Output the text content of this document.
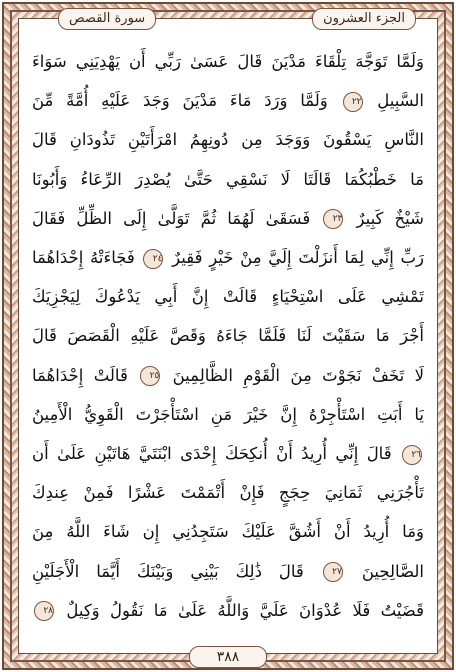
الجزء العشرون
سورة القصص
وَلَمَّا تَوَجَّهَ تِلْقَاءَ مَدْيَنَ قَالَ عَسَىٰ رَبِّي أَن يَهْدِيَنِي سَوَاءَ
السَّبِيلِ ٢٢ وَلَمَّا وَرَدَ مَاءَ مَدْيَنَ وَجَدَ عَلَيْهِ أُمَّةً مِّنَ
النَّاسِ يَسْقُونَ وَوَجَدَ مِن دُونِهِمُ امْرَأَتَيْنِ تَذُودَانِ قَالَ
مَا خَطْبُكُمَا قَالَتَا لَا نَسْقِي حَتَّىٰ يُصْدِرَ الرِّعَاءُ وَأَبُونَا
شَيْخٌ كَبِيرٌ ٢٣ فَسَقَىٰ لَهُمَا ثُمَّ تَوَلَّىٰ إِلَى الظِّلِّ فَقَالَ
رَبِّ إِنِّي لِمَا أَنزَلْتَ إِلَيَّ مِنْ خَيْرٍ فَقِيرٌ ٢٤ فَجَاءَتْهُ إِحْدَاهُمَا
تَمْشِي عَلَى اسْتِحْيَاءٍ قَالَتْ إِنَّ أَبِي يَدْعُوكَ لِيَجْزِيَكَ
أَجْرَ مَا سَقَيْتَ لَنَا فَلَمَّا جَاءَهُ وَقَصَّ عَلَيْهِ الْقَصَصَ قَالَ
لَا تَخَفْ نَجَوْتَ مِنَ الْقَوْمِ الظَّالِمِينَ ٢٥ قَالَتْ إِحْدَاهُمَا
يَا أَبَتِ اسْتَأْجِرْهُ إِنَّ خَيْرَ مَنِ اسْتَأْجَرْتَ الْقَوِيُّ الْأَمِينُ
٢٦ قَالَ إِنِّي أُرِيدُ أَنْ أُنكِحَكَ إِحْدَى ابْنَتَيَّ هَاتَيْنِ عَلَىٰ أَن
تَأْجُرَنِي ثَمَانِيَ حِجَجٍ فَإِنْ أَتْمَمْتَ عَشْرًا فَمِنْ عِندِكَ
وَمَا أُرِيدُ أَنْ أَشُقَّ عَلَيْكَ سَتَجِدُنِي إِن شَاءَ اللَّهُ مِنَ
الصَّالِحِينَ ٢٧ قَالَ ذَٰلِكَ بَيْنِي وَبَيْنَكَ أَيَّمَا الْأَجَلَيْنِ
قَضَيْتُ فَلَا عُدْوَانَ عَلَيَّ وَاللَّهُ عَلَىٰ مَا نَقُولُ وَكِيلٌ ٢٨
٣٨٨
